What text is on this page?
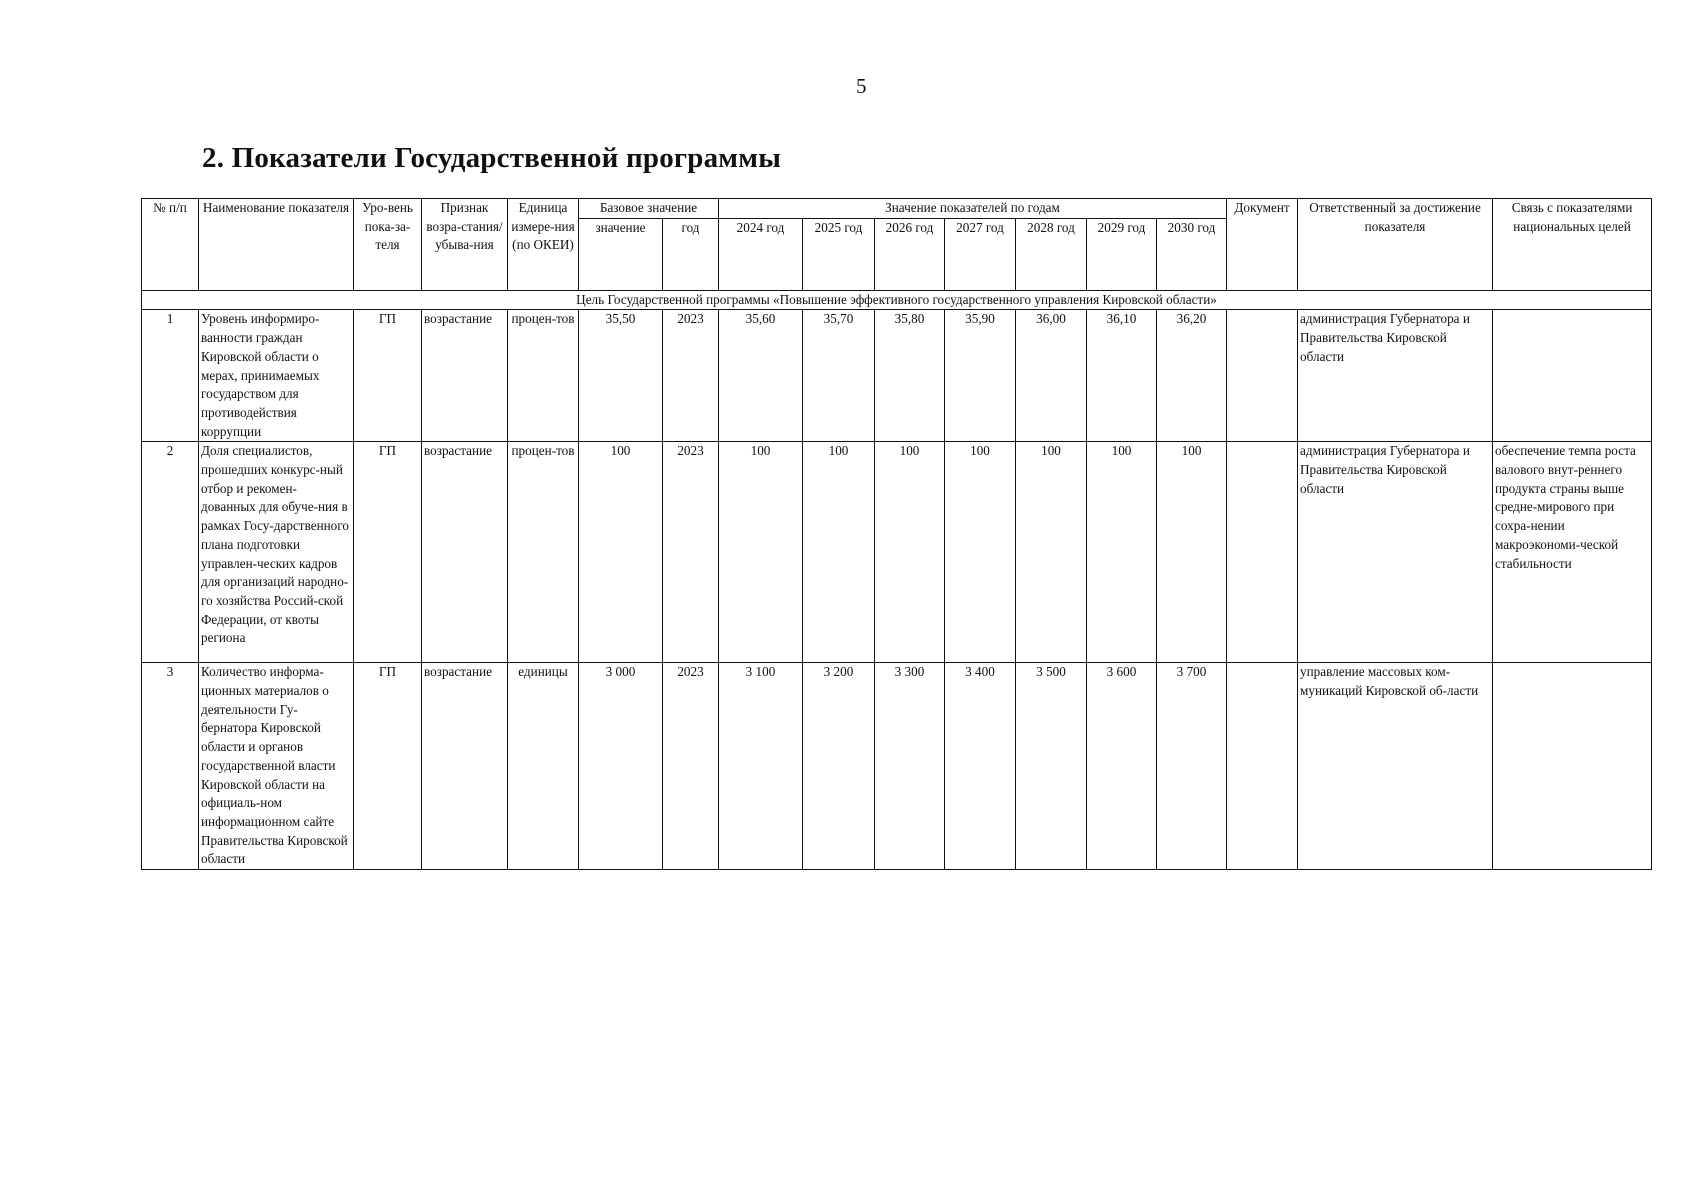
5
2. Показатели Государственной программы
№ п/п	Наименование показателя	Уро-вень пока-за-теля	Признак возра-стания/ убыва-ния	Единица измере-ния (по ОКЕИ)	Базовое значение		Значение показателей по годам							Документ	Ответственный за достижение показателя	Связь с показателями национальных целей
					значение	год	2024 год	2025 год	2026 год	2027 год	2028 год	2029 год	2030 год			
Цель Государственной программы «Повышение эффективного государственного управления Кировской области»																
1	Уровень информиро-ванности граждан Кировской области о мерах, принимаемых государством для противодействия коррупции	ГП	возрастание	процен-тов	35,50	2023	35,60	35,70	35,80	35,90	36,00	36,10	36,20		администрация Губернатора и Правительства Кировской области	
2	Доля специалистов, прошедших конкурс-ный отбор и рекомен-дованных для обуче-ния в рамках Госу-дарственного плана подготовки управлен-ческих кадров для организаций народно-го хозяйства Россий-ской Федерации, от квоты региона	ГП	возрастание	процен-тов	100	2023	100	100	100	100	100	100	100		администрация Губернатора и Правительства Кировской области	обеспечение темпа роста валового внут-реннего продукта страны выше средне-мирового при сохра-нении макроэкономи-ческой стабильности
3	Количество информа-ционных материалов о деятельности Гу-бернатора Кировской области и органов государственной власти Кировской области на официаль-ном информационном сайте Правительства Кировской области	ГП	возрастание	единицы	3 000	2023	3 100	3 200	3 300	3 400	3 500	3 600	3 700		управление массовых ком-муникаций Кировской об-ласти	
